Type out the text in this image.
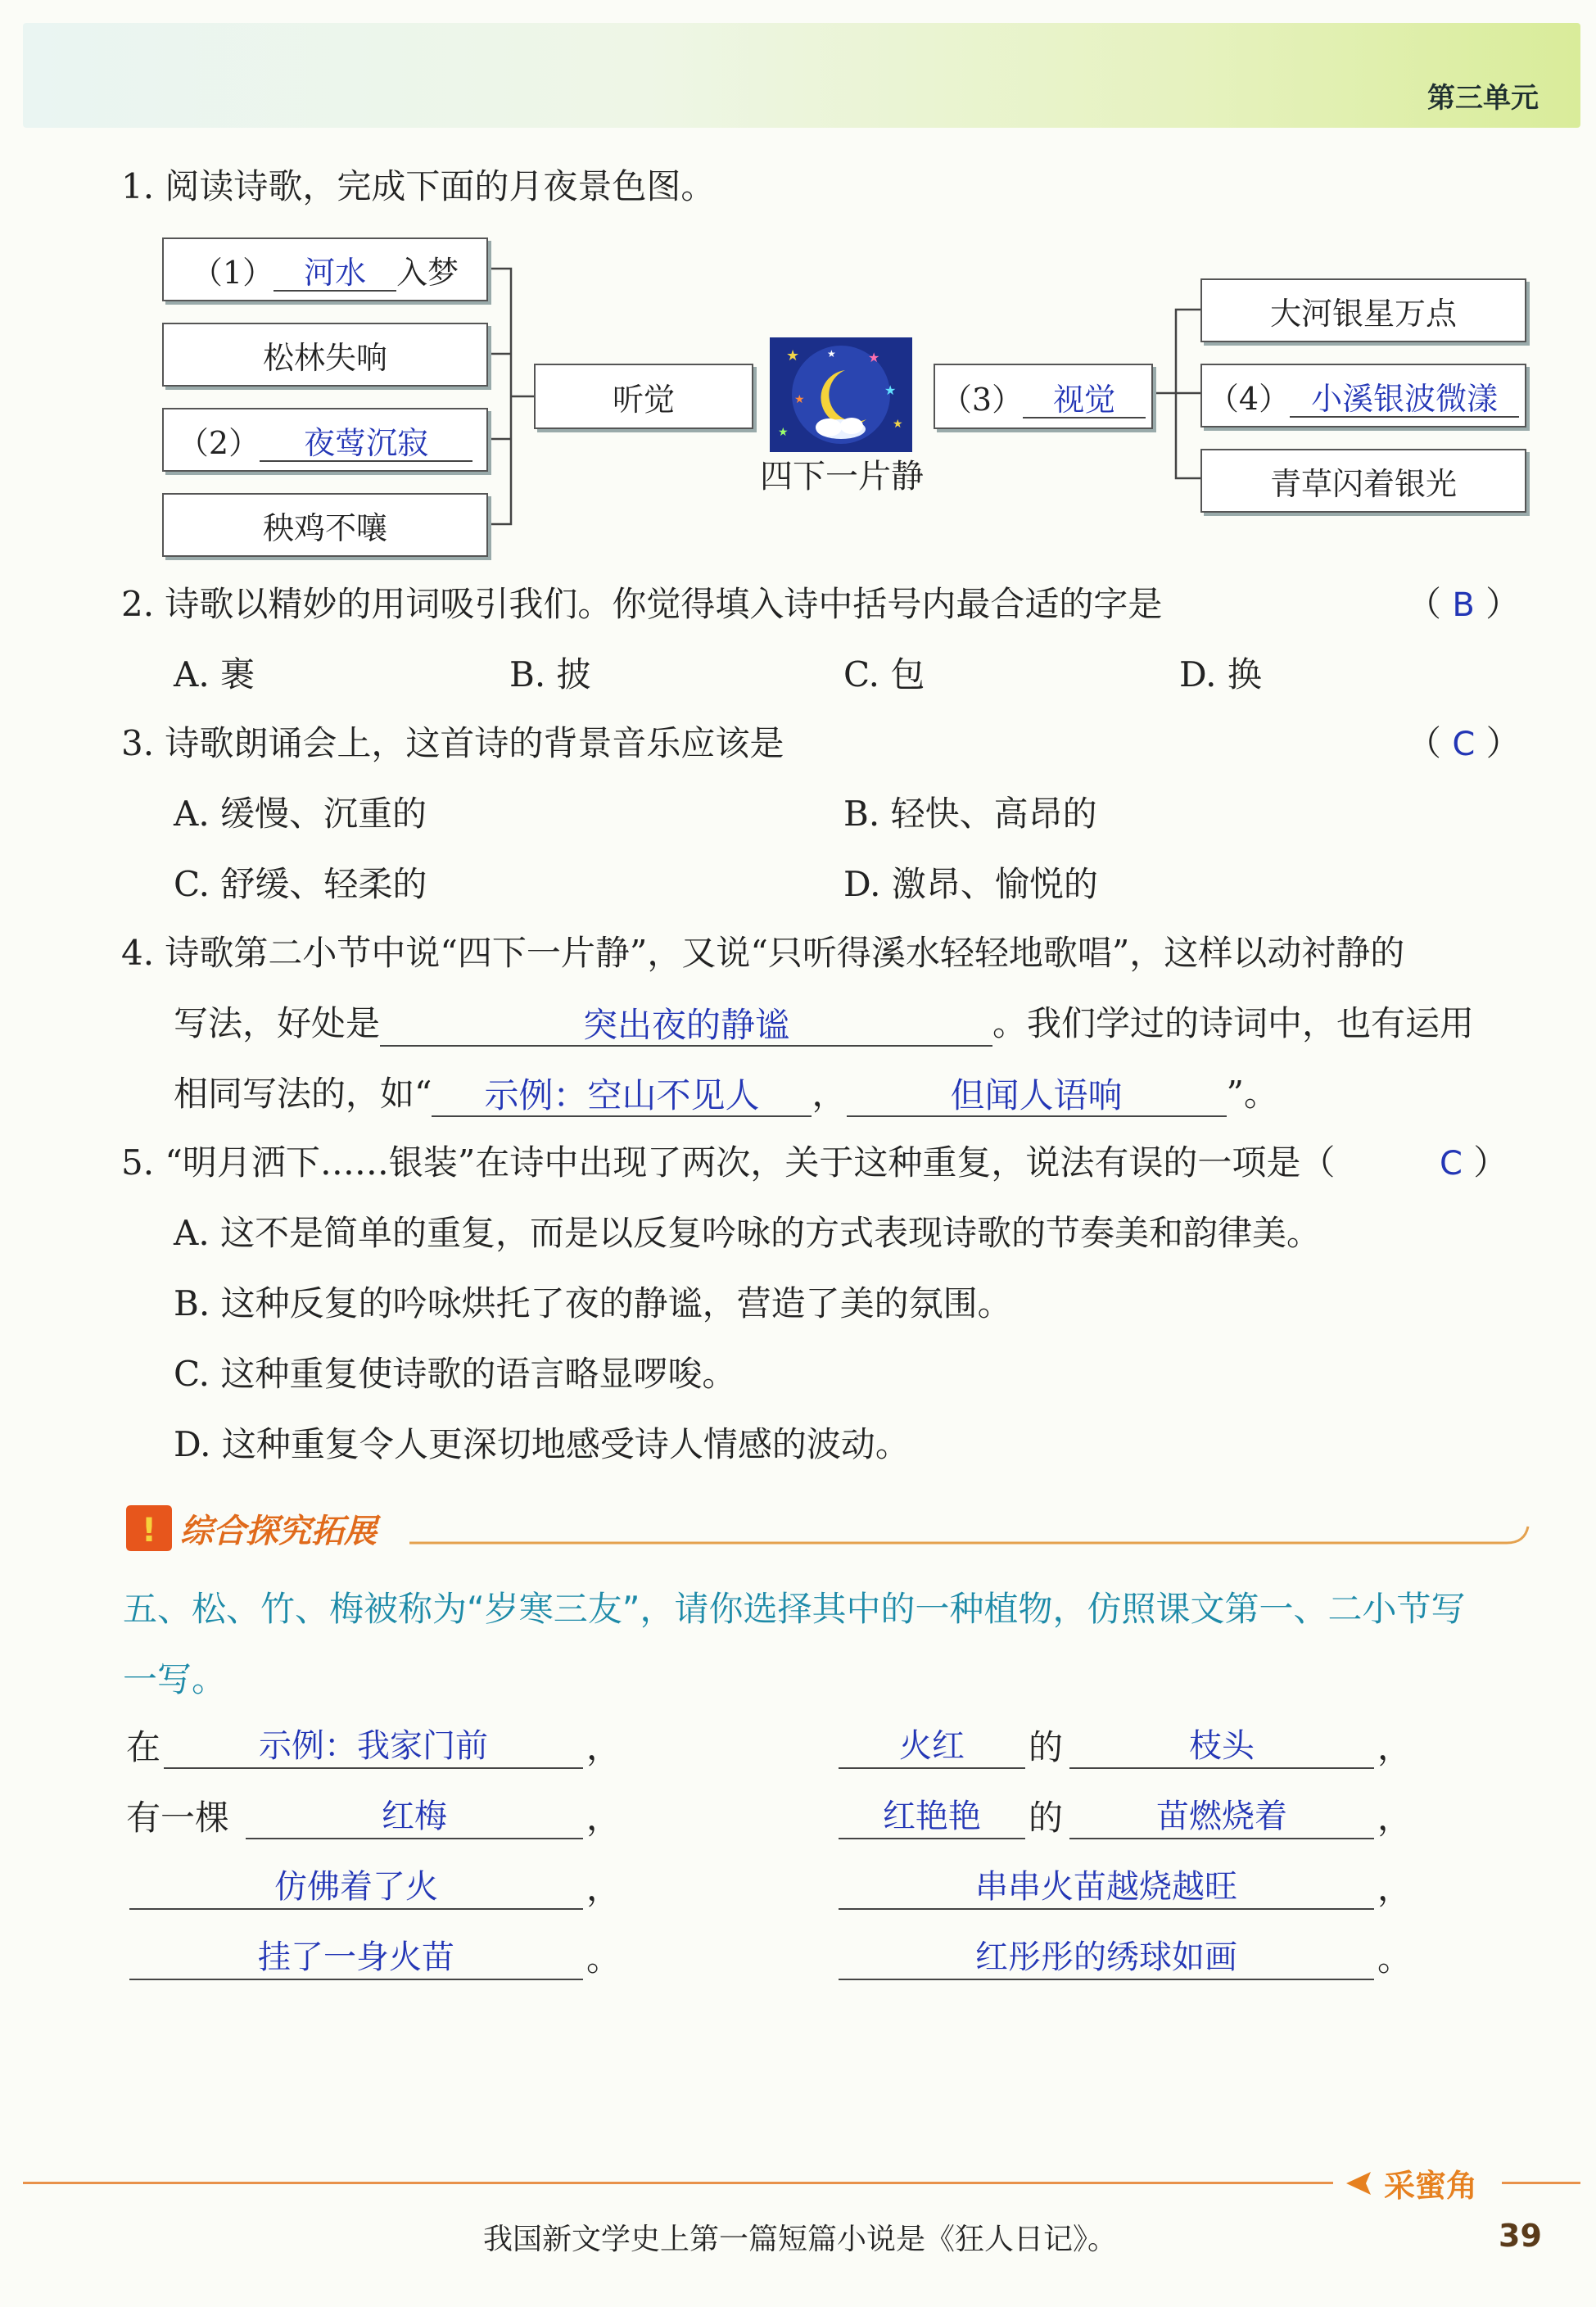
第三单元
1. 阅读诗歌，完成下面的月夜景色图。
（1） 河水 入梦
松林失响
（2）	夜莺沉寂
秧鸡不嚷
听觉
★	★
★
★
★
★
★
四下一片静
（3） 视觉
大河银星万点
（4） 小溪银波微漾
青草闪着银光
2. 诗歌以精妙的用词吸引我们。你觉得填入诗中括号内最合适的字是	（ B ）
A. 裹	B. 披	C. 包	D. 换
3. 诗歌朗诵会上，这首诗的背景音乐应该是	（ C ）
A. 缓慢、沉重的	B. 轻快、高昂的
C. 舒缓、轻柔的	D. 激昂、愉悦的
4. 诗歌第二小节中说“四下一片静”，又说“只听得溪水轻轻地歌唱”，这样以动衬静的
写法，好处是	突出夜的静谧	。我们学过的诗词中，也有运用
相同写法的，如“ 示例：空山不见人 ，	但闻人语响	”。
5. “明月洒下……银装”在诗中出现了两次，关于这种重复，说法有误的一项是（	C ）
A. 这不是简单的重复，而是以反复吟咏的方式表现诗歌的节奏美和韵律美。
B. 这种反复的吟咏烘托了夜的静谧，营造了美的氛围。
C. 这种重复使诗歌的语言略显啰唆。
D. 这种重复令人更深切地感受诗人情感的波动。
! 综合探究拓展
五、松、竹、梅被称为“岁寒三友”，请你选择其中的一种植物，仿照课文第一、二小节写
一写。
在	示例：我家门前	，	火红	的	枝头	，
有一棵	红梅	，	红艳艳	的	苗燃烧着	，
仿佛着了火	，	串串火苗越烧越旺	，
挂了一身火苗	。	红彤彤的绣球如画	。
采蜜角
我国新文学史上第一篇短篇小说是《狂人日记》。	39
